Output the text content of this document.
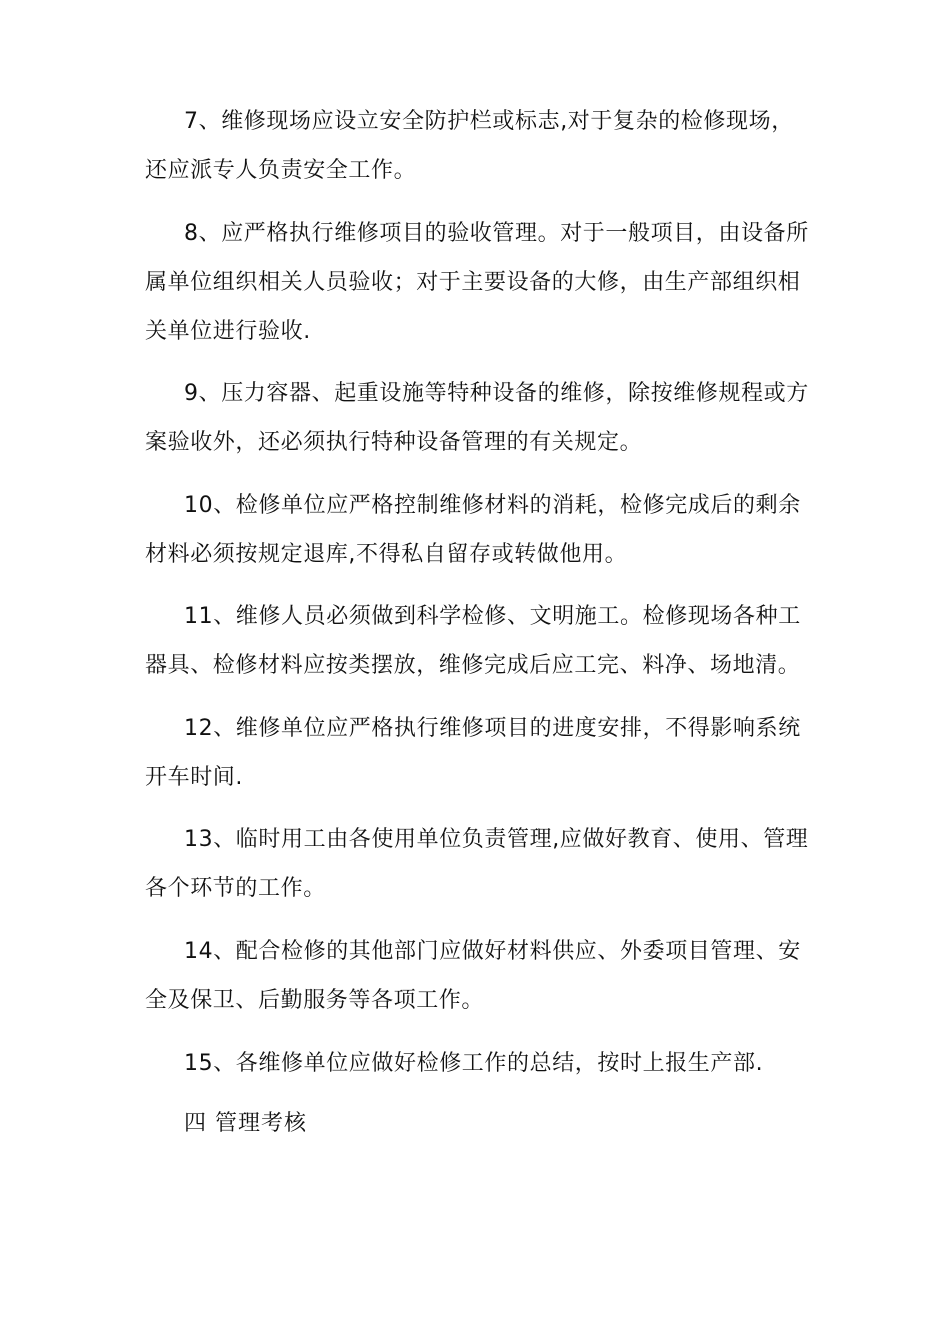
7、维修现场应设立安全防护栏或标志,对于复杂的检修现场，还应派专人负责安全工作。

8、应严格执行维修项目的验收管理。对于一般项目，由设备所属单位组织相关人员验收；对于主要设备的大修，由生产部组织相关单位进行验收.

9、压力容器、起重设施等特种设备的维修，除按维修规程或方案验收外，还必须执行特种设备管理的有关规定。

10、检修单位应严格控制维修材料的消耗，检修完成后的剩余材料必须按规定退库,不得私自留存或转做他用。

11、维修人员必须做到科学检修、文明施工。检修现场各种工器具、检修材料应按类摆放，维修完成后应工完、料净、场地清。

12、维修单位应严格执行维修项目的进度安排，不得影响系统开车时间.

13、临时用工由各使用单位负责管理,应做好教育、使用、管理各个环节的工作。

14、配合检修的其他部门应做好材料供应、外委项目管理、安全及保卫、后勤服务等各项工作。

15、各维修单位应做好检修工作的总结，按时上报生产部.

四 管理考核
